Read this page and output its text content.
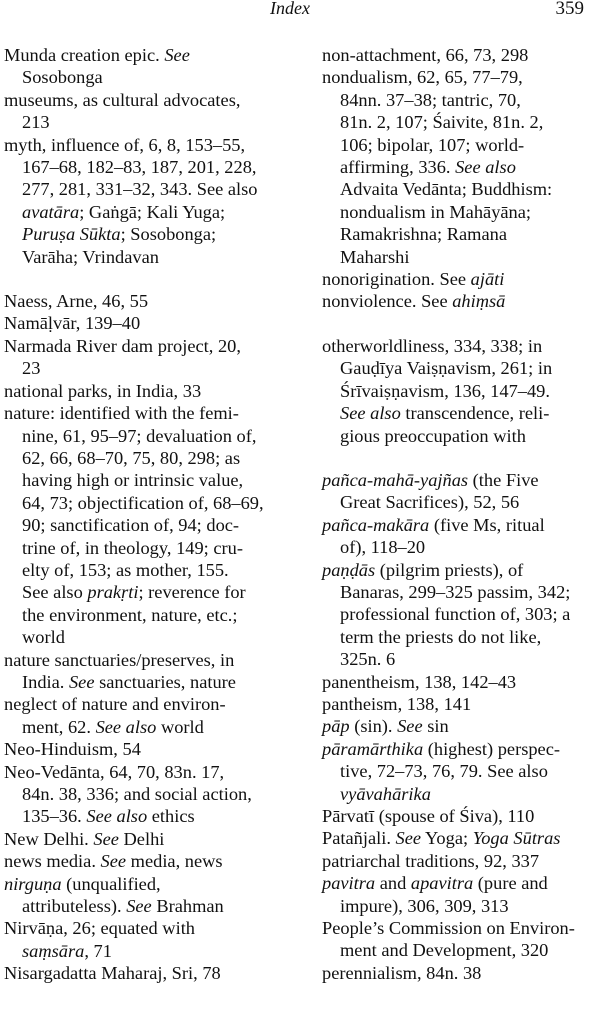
Index	359
Munda creation epic. See
Sosobonga
museums, as cultural advocates,
213
myth, influence of, 6, 8, 153–55,
167–68, 182–83, 187, 201, 228,
277, 281, 331–32, 343. See also
avatāra; Gaṅgā; Kali Yuga;
Puruṣa Sūkta; Sosobonga;
Varāha; Vrindavan
Naess, Arne, 46, 55
Namāḷvār, 139–40
Narmada River dam project, 20,
23
national parks, in India, 33
nature: identified with the femi-
nine, 61, 95–97; devaluation of,
62, 66, 68–70, 75, 80, 298; as
having high or intrinsic value,
64, 73; objectification of, 68–69,
90; sanctification of, 94; doc-
trine of, in theology, 149; cru-
elty of, 153; as mother, 155.
See also prakṛti; reverence for
the environment, nature, etc.;
world
nature sanctuaries/preserves, in
India. See sanctuaries, nature
neglect of nature and environ-
ment, 62. See also world
Neo-Hinduism, 54
Neo-Vedānta, 64, 70, 83n. 17,
84n. 38, 336; and social action,
135–36. See also ethics
New Delhi. See Delhi
news media. See media, news
nirguṇa (unqualified,
attributeless). See Brahman
Nirvāṇa, 26; equated with
saṃsāra, 71
Nisargadatta Maharaj, Sri, 78
non-attachment, 66, 73, 298
nondualism, 62, 65, 77–79,
84nn. 37–38; tantric, 70,
81n. 2, 107; Śaivite, 81n. 2,
106; bipolar, 107; world-
affirming, 336. See also
Advaita Vedānta; Buddhism:
nondualism in Mahāyāna;
Ramakrishna; Ramana
Maharshi
nonorigination. See ajāti
nonviolence. See ahiṃsā
otherworldliness, 334, 338; in
Gauḍīya Vaiṣṇavism, 261; in
Śrīvaiṣṇavism, 136, 147–49.
See also transcendence, reli-
gious preoccupation with
pañca-mahā-yajñas (the Five
Great Sacrifices), 52, 56
pañca-makāra (five Ms, ritual
of), 118–20
paṇḍās (pilgrim priests), of
Banaras, 299–325 passim, 342;
professional function of, 303; a
term the priests do not like,
325n. 6
panentheism, 138, 142–43
pantheism, 138, 141
pāp (sin). See sin
pāramārthika (highest) perspec-
tive, 72–73, 76, 79. See also
vyāvahārika
Pārvatī (spouse of Śiva), 110
Patañjali. See Yoga; Yoga Sūtras
patriarchal traditions, 92, 337
pavitra and apavitra (pure and
impure), 306, 309, 313
People’s Commission on Environ-
ment and Development, 320
perennialism, 84n. 38
